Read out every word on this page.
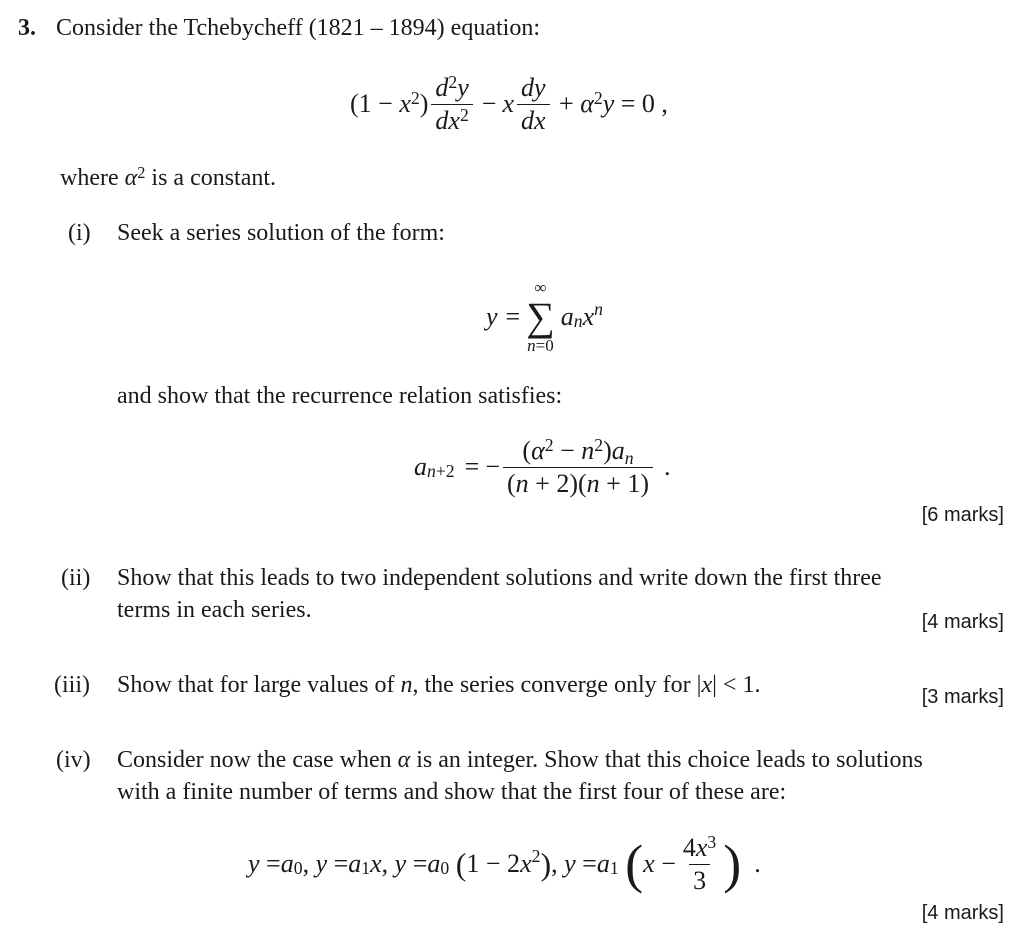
3. Consider the Tchebycheff (1821 – 1894) equation:
$(1 - x^2) \frac{d^2y}{dx^2} - x \frac{dy}{dx} + \alpha^2y = 0$ ,
where $\alpha^2$ is a constant.
(i) Seek a series solution of the form:
y =
∞
∑
n=0
a $_n$ x $^n$
and show that the recurrence relation satisfies:
a $_{n+2}$ = − $\frac{(\alpha^2 - n^2)a_n}{(n + 2)(n + 1)}$ .
[6 marks]
(ii) Show that this leads to two independent solutions and write down the first three
terms in each series.	[4 marks]
(iii) Show that for large values of n, the series converge only for |x| < 1.	[3 marks]
(iv) Consider now the case when α is an integer. Show that this choice leads to solutions
with a finite number of terms and show that the first four of these are:
$y = a_0$ , $y = a_1$ x , $y = a_0$
( 1 − 2 $x^2$ ) , $y = a_1$
( $x - \frac{4x^3}{3}$ ) .
[4 marks]
